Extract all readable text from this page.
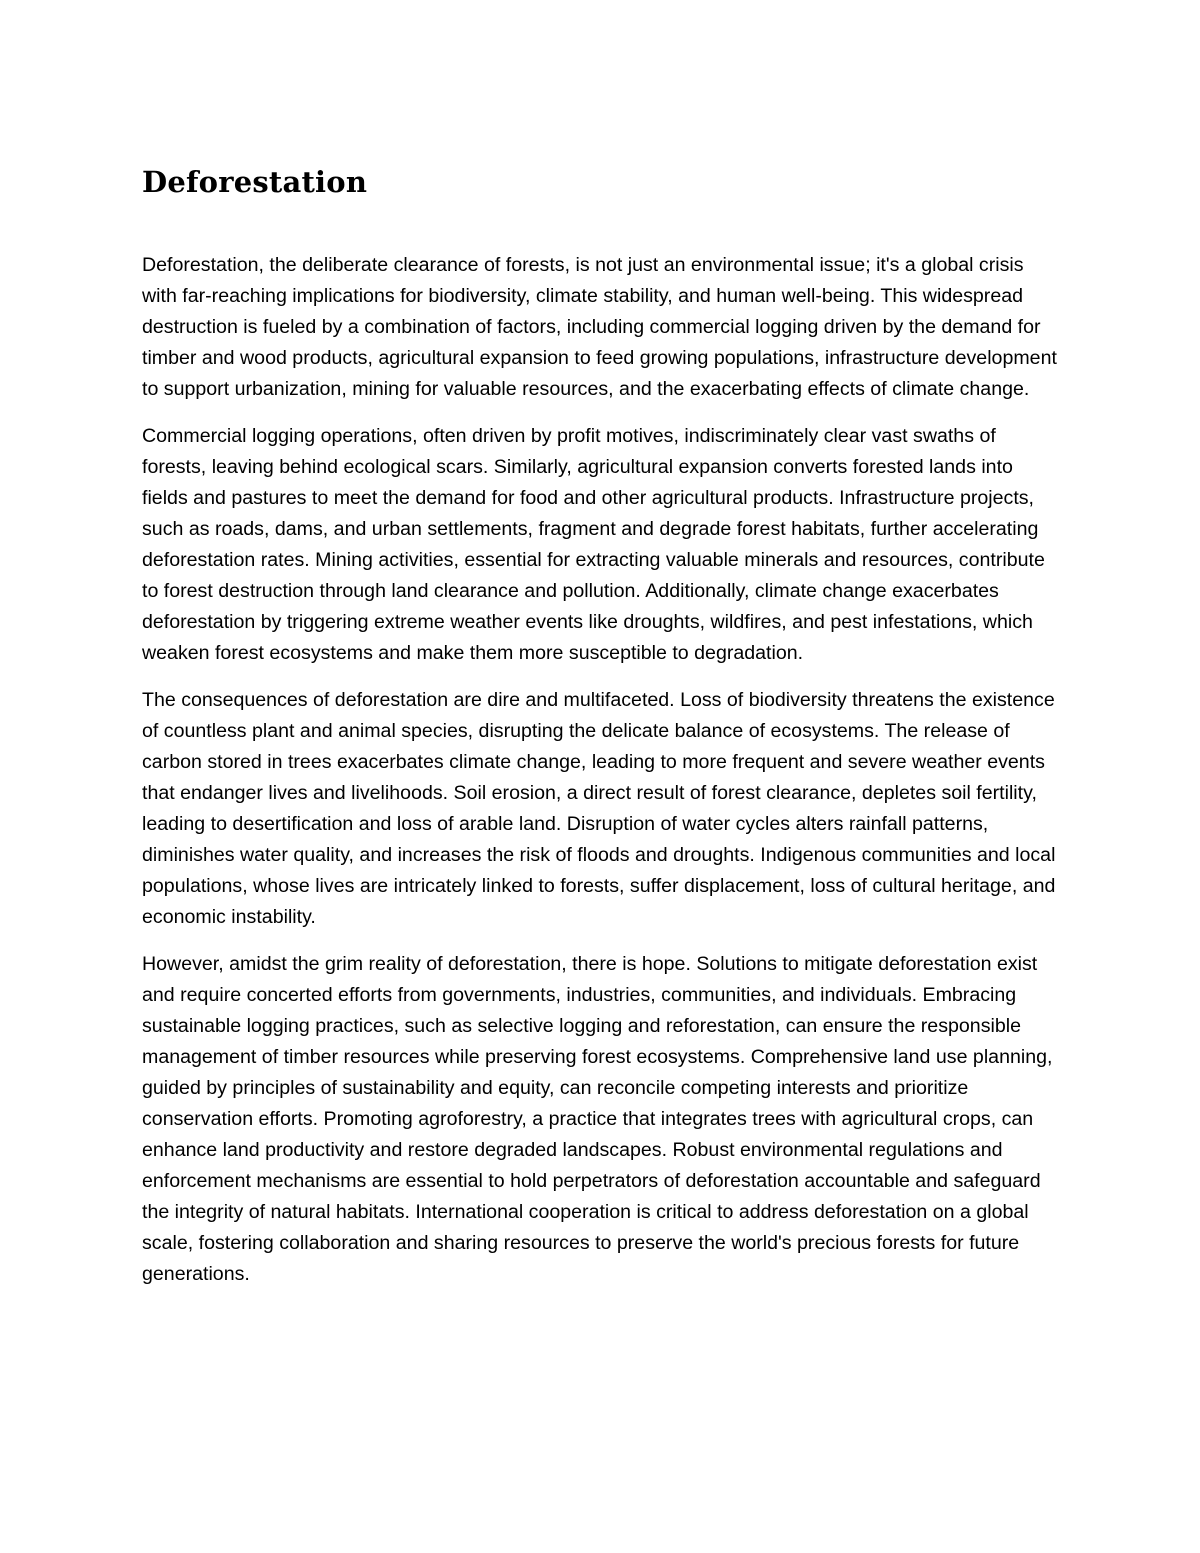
Deforestation

Deforestation, the deliberate clearance of forests, is not just an environmental issue; it's a global crisis with far-reaching implications for biodiversity, climate stability, and human well-being. This widespread destruction is fueled by a combination of factors, including commercial logging driven by the demand for timber and wood products, agricultural expansion to feed growing populations, infrastructure development to support urbanization, mining for valuable resources, and the exacerbating effects of climate change.

Commercial logging operations, often driven by profit motives, indiscriminately clear vast swaths of forests, leaving behind ecological scars. Similarly, agricultural expansion converts forested lands into fields and pastures to meet the demand for food and other agricultural products. Infrastructure projects, such as roads, dams, and urban settlements, fragment and degrade forest habitats, further accelerating deforestation rates. Mining activities, essential for extracting valuable minerals and resources, contribute to forest destruction through land clearance and pollution. Additionally, climate change exacerbates deforestation by triggering extreme weather events like droughts, wildfires, and pest infestations, which weaken forest ecosystems and make them more susceptible to degradation.

The consequences of deforestation are dire and multifaceted. Loss of biodiversity threatens the existence of countless plant and animal species, disrupting the delicate balance of ecosystems. The release of carbon stored in trees exacerbates climate change, leading to more frequent and severe weather events that endanger lives and livelihoods. Soil erosion, a direct result of forest clearance, depletes soil fertility, leading to desertification and loss of arable land. Disruption of water cycles alters rainfall patterns, diminishes water quality, and increases the risk of floods and droughts. Indigenous communities and local populations, whose lives are intricately linked to forests, suffer displacement, loss of cultural heritage, and economic instability.

However, amidst the grim reality of deforestation, there is hope. Solutions to mitigate deforestation exist and require concerted efforts from governments, industries, communities, and individuals. Embracing sustainable logging practices, such as selective logging and reforestation, can ensure the responsible management of timber resources while preserving forest ecosystems. Comprehensive land use planning, guided by principles of sustainability and equity, can reconcile competing interests and prioritize conservation efforts. Promoting agroforestry, a practice that integrates trees with agricultural crops, can enhance land productivity and restore degraded landscapes. Robust environmental regulations and enforcement mechanisms are essential to hold perpetrators of deforestation accountable and safeguard the integrity of natural habitats. International cooperation is critical to address deforestation on a global scale, fostering collaboration and sharing resources to preserve the world's precious forests for future generations.
